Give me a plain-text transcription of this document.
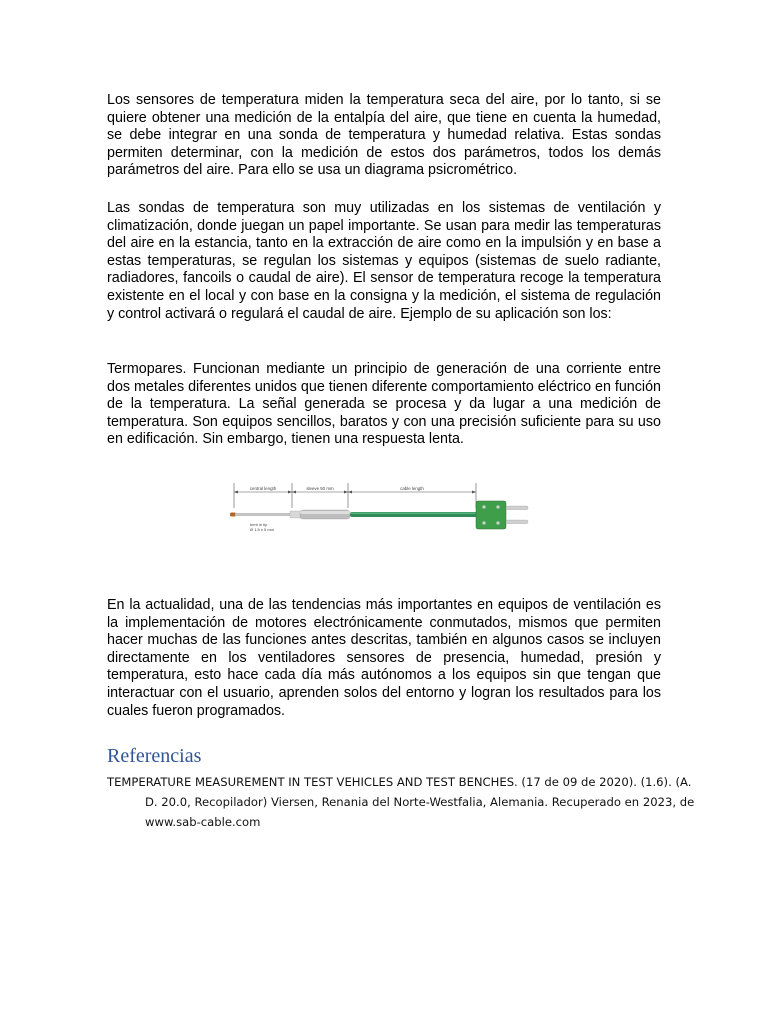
Los sensores de temperatura miden la temperatura seca del aire, por lo tanto, si se quiere obtener una medición de la entalpía del aire, que tiene en cuenta la humedad, se debe integrar en una sonda de temperatura y humedad relativa. Estas sondas permiten determinar, con la medición de estos dos parámetros, todos los demás parámetros del aire. Para ello se usa un diagrama psicrométrico.

Las sondas de temperatura son muy utilizadas en los sistemas de ventilación y climatización, donde juegan un papel importante. Se usan para medir las temperaturas del aire en la estancia, tanto en la extracción de aire como en la impulsión y en base a estas temperaturas, se regulan los sistemas y equipos (sistemas de suelo radiante, radiadores, fancoils o caudal de aire). El sensor de temperatura recoge la temperatura existente en el local y con base en la consigna y la medición, el sistema de regulación y control activará o regulará el caudal de aire. Ejemplo de su aplicación son los:

Termopares. Funcionan mediante un principio de generación de una corriente entre dos metales diferentes unidos que tienen diferente comportamiento eléctrico en función de la temperatura. La señal generada se procesa y da lugar a una medición de temperatura. Son equipos sencillos, baratos y con una precisión suficiente para su uso en edificación. Sin embargo, tienen una respuesta lenta.

central length	sleeve 50 mm	cable length
bent in tip
Ø 1,5 x 5 mm

En la actualidad, una de las tendencias más importantes en equipos de ventilación es la implementación de motores electrónicamente conmutados, mismos que permiten hacer muchas de las funciones antes descritas, también en algunos casos se incluyen directamente en los ventiladores sensores de presencia, humedad, presión y temperatura, esto hace cada día más autónomos a los equipos sin que tengan que interactuar con el usuario, aprenden solos del entorno y logran los resultados para los cuales fueron programados.

Referencias

TEMPERATURE MEASUREMENT IN TEST VEHICLES AND TEST BENCHES. (17 de 09 de 2020). (1.6). (A. D. 20.0, Recopilador) Viersen, Renania del Norte-Westfalia, Alemania. Recuperado en 2023, de www.sab-cable.com
